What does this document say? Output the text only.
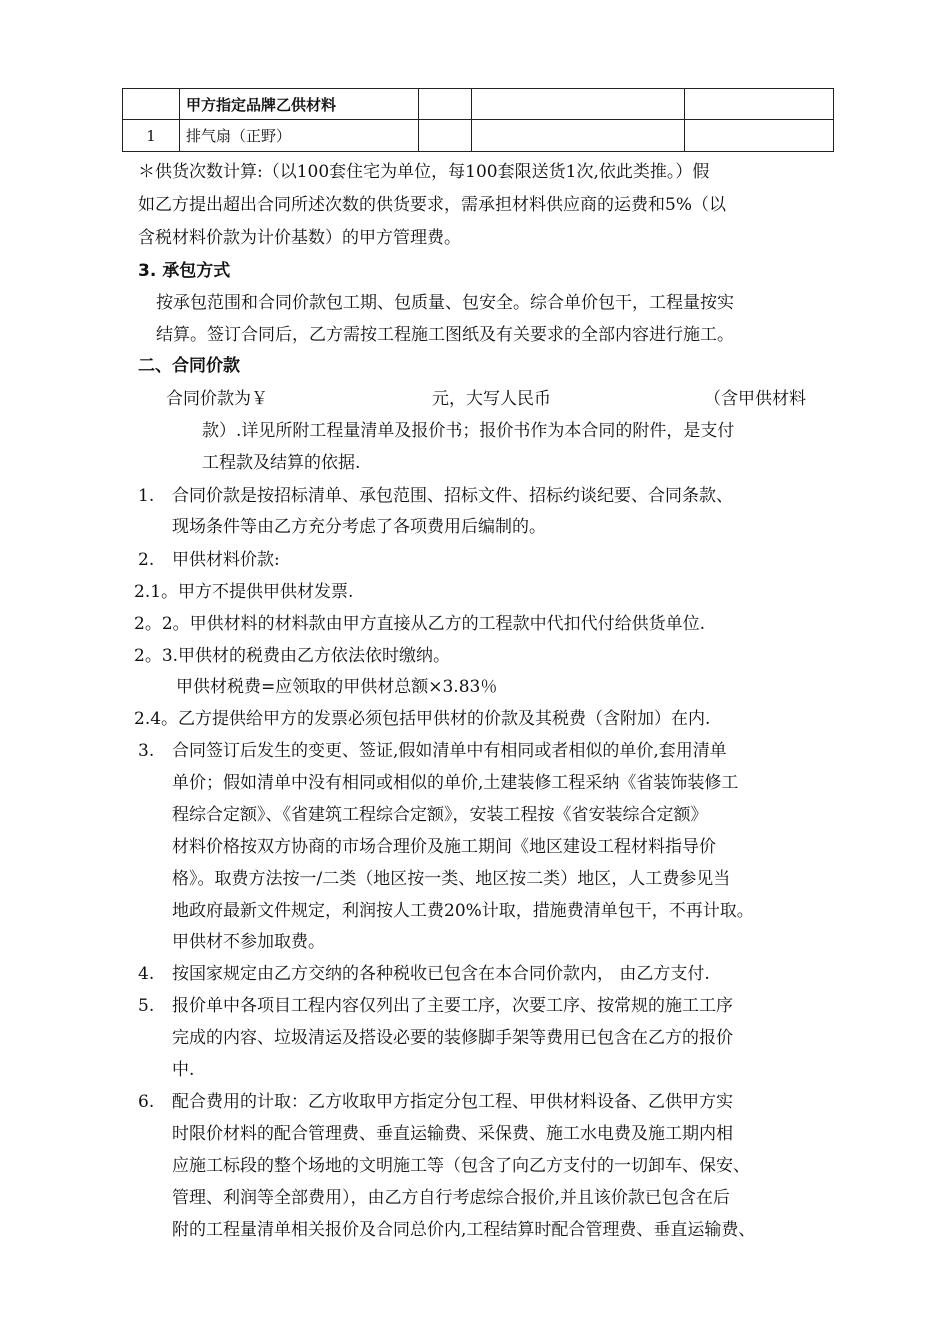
	甲方指定品牌乙供材料			
1	排气扇（正野）			
＊供货次数计算:（以100套住宅为单位，每100套限送货1次,依此类推。）假
如乙方提出超出合同所述次数的供货要求，需承担材料供应商的运费和5%（以
含税材料价款为计价基数）的甲方管理费。
3. 承包方式
按承包范围和合同价款包工期、包质量、包安全。综合单价包干，工程量按实
结算。签订合同后，乙方需按工程施工图纸及有关要求的全部内容进行施工。
二、合同价款
合同价款为￥	元，大写人民币	（含甲供材料
款）.详见所附工程量清单及报价书；报价书作为本合同的附件，是支付
工程款及结算的依据.
1. 合同价款是按招标清单、承包范围、招标文件、招标约谈纪要、合同条款、
现场条件等由乙方充分考虑了各项费用后编制的。
2. 甲供材料价款:
2.1。甲方不提供甲供材发票.
2。2。甲供材料的材料款由甲方直接从乙方的工程款中代扣代付给供货单位.
2。3.甲供材的税费由乙方依法依时缴纳。
甲供材税费=应领取的甲供材总额×3.83％
2.4。乙方提供给甲方的发票必须包括甲供材的价款及其税费（含附加）在内.
3. 合同签订后发生的变更、签证,假如清单中有相同或者相似的单价,套用清单
单价；假如清单中没有相同或相似的单价,土建装修工程采纳《省装饰装修工
程综合定额》、《省建筑工程综合定额》，安装工程按《省安装综合定额》
材料价格按双方协商的市场合理价及施工期间《地区建设工程材料指导价
格》。取费方法按一/二类（地区按一类、地区按二类）地区，人工费参见当
地政府最新文件规定，利润按人工费20%计取，措施费清单包干，不再计取。
甲供材不参加取费。
4. 按国家规定由乙方交纳的各种税收已包含在本合同价款内， 由乙方支付.
5. 报价单中各项目工程内容仅列出了主要工序，次要工序、按常规的施工工序
完成的内容、垃圾清运及搭设必要的装修脚手架等费用已包含在乙方的报价
中.
6. 配合费用的计取：乙方收取甲方指定分包工程、甲供材料设备、乙供甲方实
时限价材料的配合管理费、垂直运输费、采保费、施工水电费及施工期内相
应施工标段的整个场地的文明施工等（包含了向乙方支付的一切卸车、保安、
管理、利润等全部费用），由乙方自行考虑综合报价,并且该价款已包含在后
附的工程量清单相关报价及合同总价内,工程结算时配合管理费、垂直运输费、
